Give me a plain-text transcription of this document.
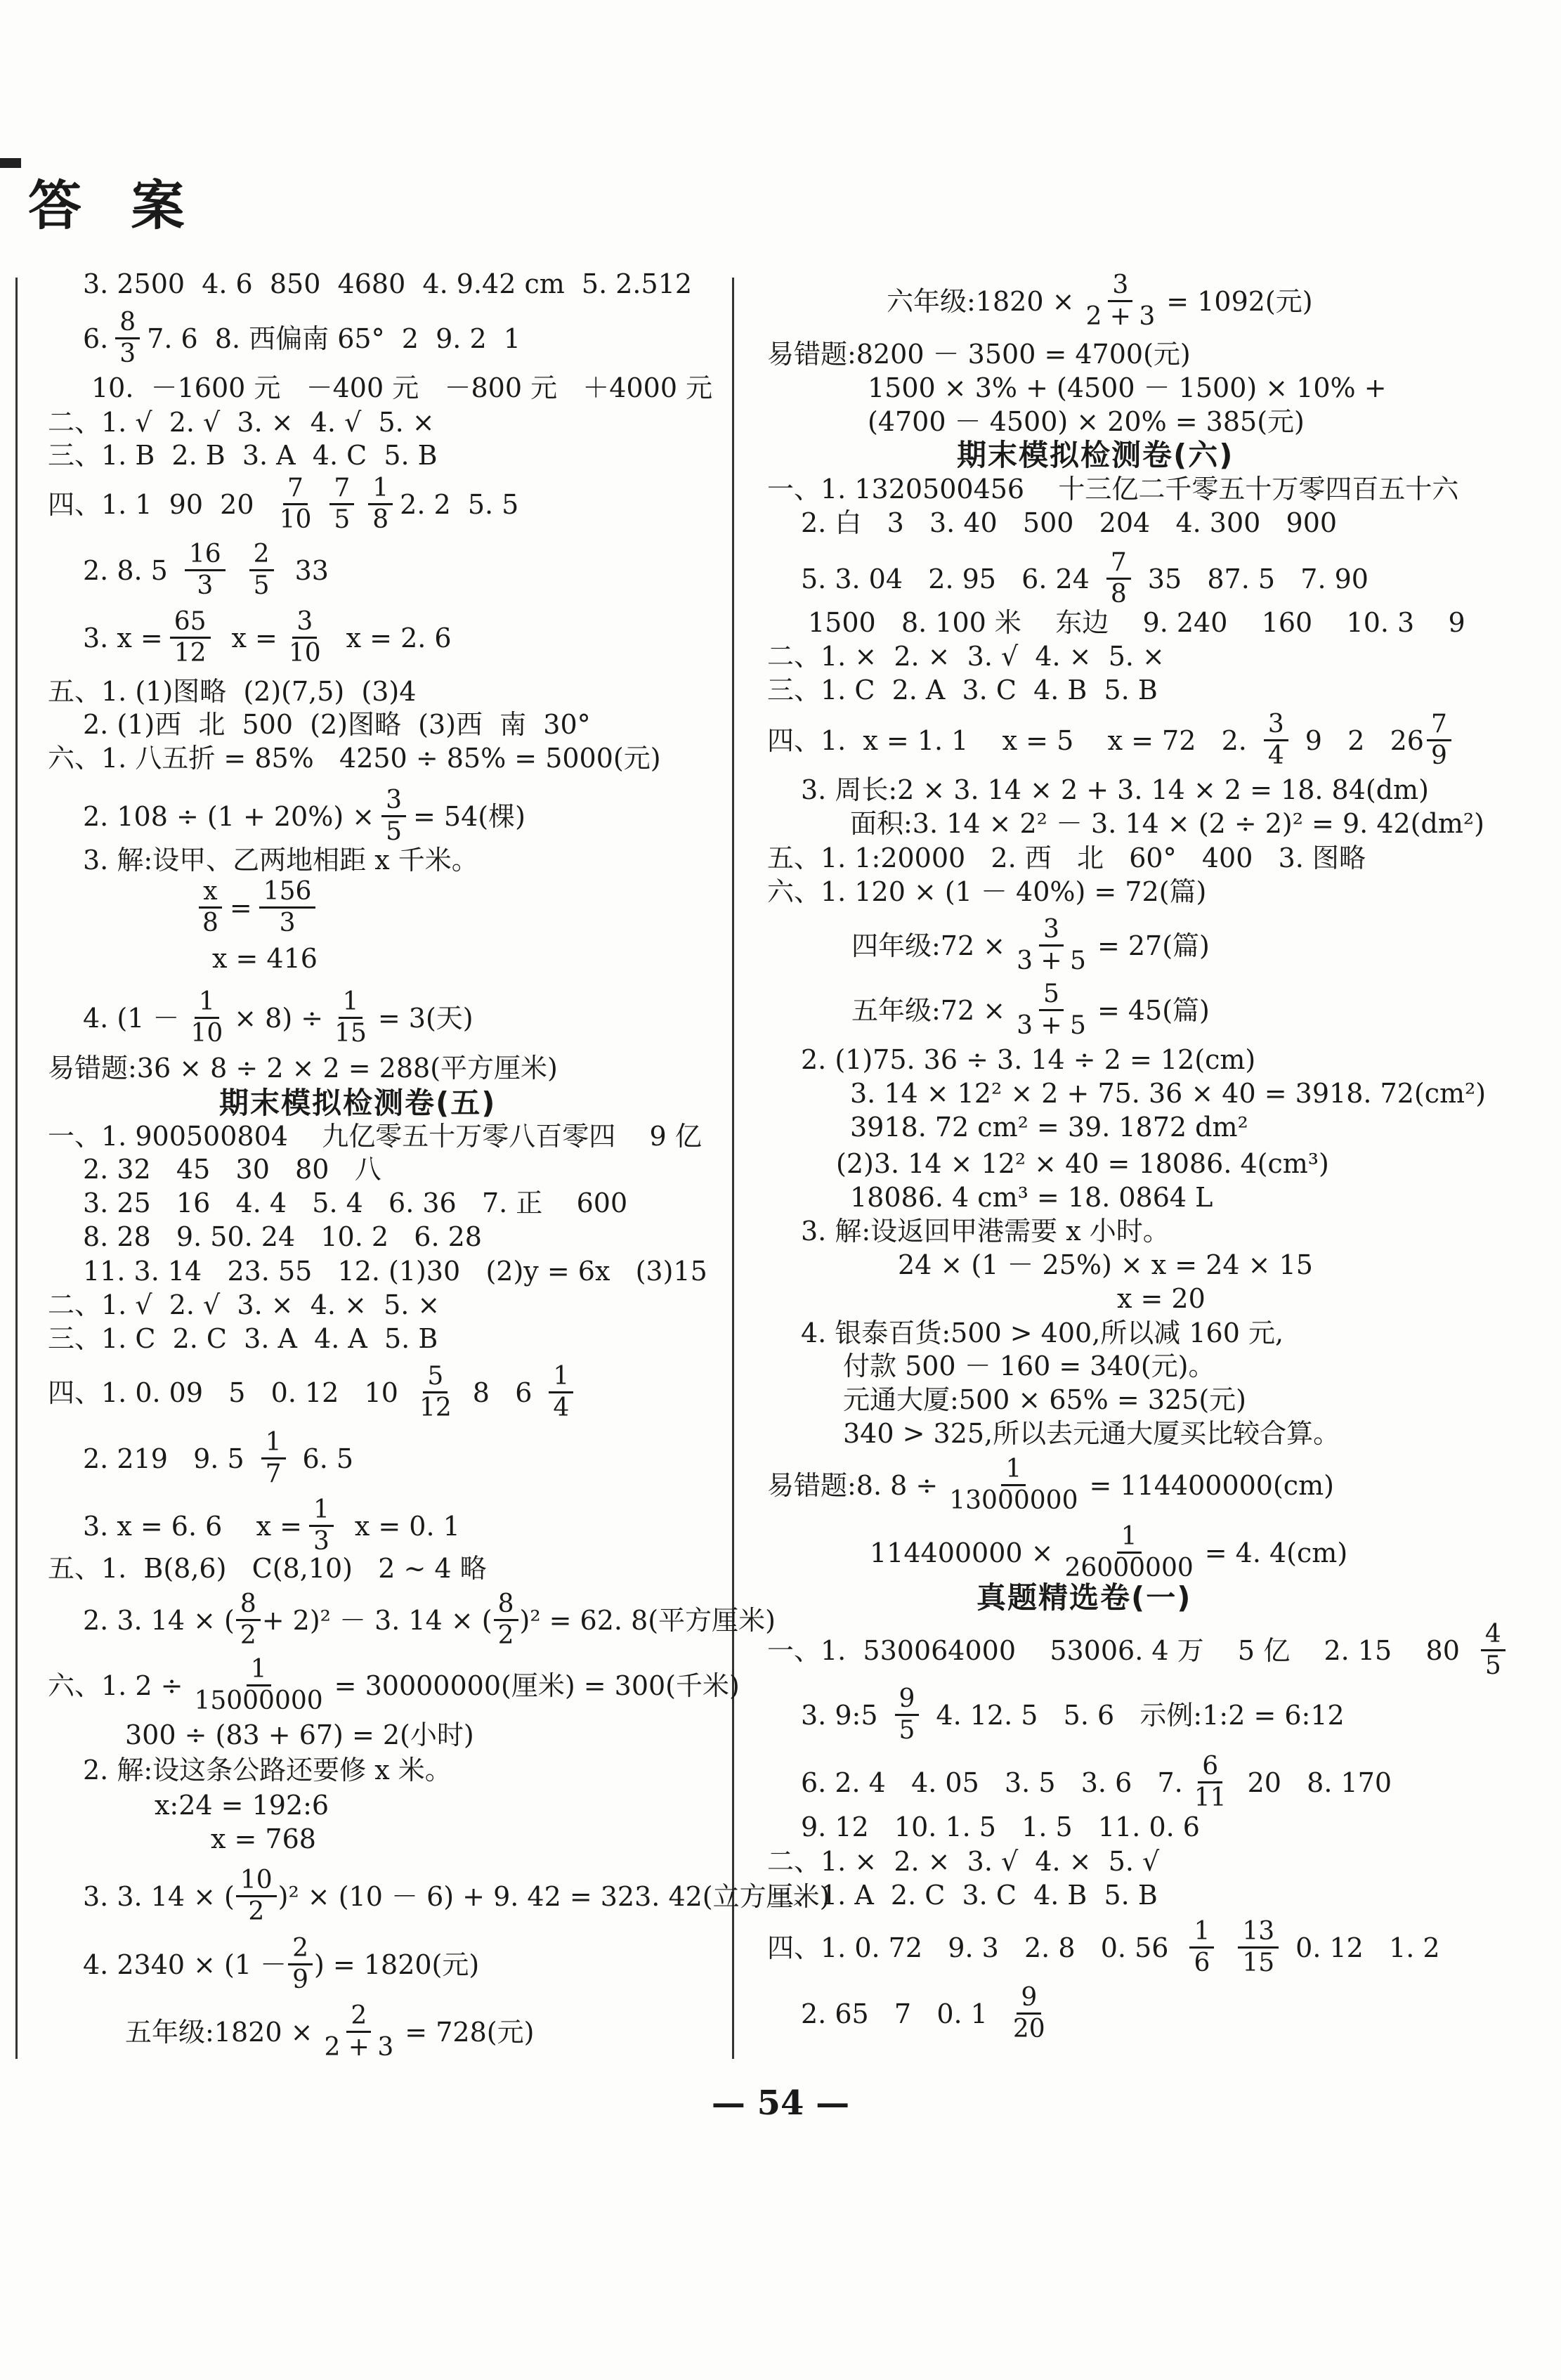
答 案
3. 2500  4. 6  850  4680  4. 9.42 cm  5. 2.512
6.
8
3 7. 6  8. 西偏南 65°  2  9. 2  1
10.  －1600 元   －400 元   －800 元   ＋4000 元
二、1. √  2. √  3. ×  4. √  5. ×
三、1. B  2. B  3. A  4. C  5. B
四、1. 1  90  20
7
10
7
5
1
8 2. 2  5. 5
2. 8. 5
16
3
2
5 33
3. $x = \frac{65}{12}$ $x = \frac{3}{10}$ x = 2. 6
五、1. (1)图略  (2)(7,5)  (3)4
2. (1)西  北  500  (2)图略  (3)西  南  30°
六、1. 八五折 = 85%   4250 ÷ 85% = 5000(元)
2. $108 \div (1 + 20\%) \times \frac{3}{5} = 54$(棵)
3. 解:设甲、乙两地相距 x 千米。
$\frac{x}{8} = \frac{156}{3}$
x = 416
4. $(1 - \frac{1}{10} \times 8) \div \frac{1}{15} = 3$(天)
易错题:36 × 8 ÷ 2 × 2 = 288(平方厘米)
期末模拟检测卷(五)
一、1. 900500804    九亿零五十万零八百零四    9 亿
2. 32   45   30   80   八
3. 25   16   4. 4   5. 4   6. 36   7. 正    600
8. 28   9. 50. 24   10. 2   6. 28
11. 3. 14   23. 55   12. (1)30   (2)y = 6x   (3)15
二、1. √  2. √  3. ×  4. ×  5. ×
三、1. C  2. C  3. A  4. A  5. B
四、1. 0. 09   5   0. 12   10
5
12 8   6
1
4
2. 219   9. 5
1
7 6. 5
3. x = 6. 6    $x = \frac{1}{3}$ x = 0. 1
五、1.  B(8,6)   C(8,10)   2 ~ 4 略
2. 3. 14 × (
8
2 + 2)² － 3. 14 × (
8
2 )² = 62. 8(平方厘米)
六、1. $2 \div \frac{1}{15000000} = 30000000$(厘米) = 300(千米)
300 ÷ (83 + 67) = 2(小时)
2. 解:设这条公路还要修 x 米。
x:24 = 192:6
x = 768
3. 3. 14 × (
10
2 )² × (10 － 6) + 9. 42 = 323. 42(立方厘米)
4. 2340 × (1 －
2
9 ) = 1820(元)
五年级:1820 × $\frac{2}{2 + 3} = 728$(元)
六年级:1820 × $\frac{3}{2 + 3} = 1092$(元)
易错题:8200 － 3500 = 4700(元)
1500 × 3% + (4500 － 1500) × 10% +
(4700 － 4500) × 20% = 385(元)
期末模拟检测卷(六)
一、1. 1320500456    十三亿二千零五十万零四百五十六
2. 白   3   3. 40   500   204   4. 300   900
5. 3. 04   2. 95   6. 24
7
8 35   87. 5   7. 90
1500   8. 100 米    东边    9. 240    160    10. 3    9
二、1. ×  2. ×  3. √  4. ×  5. ×
三、1. C  2. A  3. C  4. B  5. B
四、1.  x = 1. 1    x = 5    x = 72   2.
3
4 9   2   26
7
9
3. 周长:2 × 3. 14 × 2 + 3. 14 × 2 = 18. 84(dm)
面积:3. 14 × 2² － 3. 14 × (2 ÷ 2)² = 9. 42(dm²)
五、1. 1:20000   2. 西   北   60°   400   3. 图略
六、1. 120 × (1 － 40%) = 72(篇)
四年级:72 × $\frac{3}{3 + 5} = 27$(篇)
五年级:72 × $\frac{5}{3 + 5} = 45$(篇)
2. (1)75. 36 ÷ 3. 14 ÷ 2 = 12(cm)
3. 14 × 12² × 2 + 75. 36 × 40 = 3918. 72(cm²)
3918. 72 cm² = 39. 1872 dm²
(2)3. 14 × 12² × 40 = 18086. 4(cm³)
18086. 4 cm³ = 18. 0864 L
3. 解:设返回甲港需要 x 小时。
24 × (1 － 25%) × x = 24 × 15
x = 20
4. 银泰百货:500 > 400,所以减 160 元,
付款 500 － 160 = 340(元)。
元通大厦:500 × 65% = 325(元)
340 > 325,所以去元通大厦买比较合算。
易错题:8. $8 \div \frac{1}{13000000} = 114400000(cm)$
$114400000 \times \frac{1}{26000000} = 4$. 4(cm)
真题精选卷(一)
一、1.  530064000    53006. 4 万    5 亿    2. 15    80
4
5
3. 9:5
9
5 4. 12. 5   5. 6   示例:1:2 = 6:12
6. 2. 4   4. 05   3. 5   3. 6   7.
6
11 20   8. 170
9. 12   10. 1. 5   1. 5   11. 0. 6
二、1. ×  2. ×  3. √  4. ×  5. √
三、1. A  2. C  3. C  4. B  5. B
四、1. 0. 72   9. 3   2. 8   0. 56
1
6
13
15 0. 12   1. 2
2. 65   7   0. 1
9
20
— 54 —
